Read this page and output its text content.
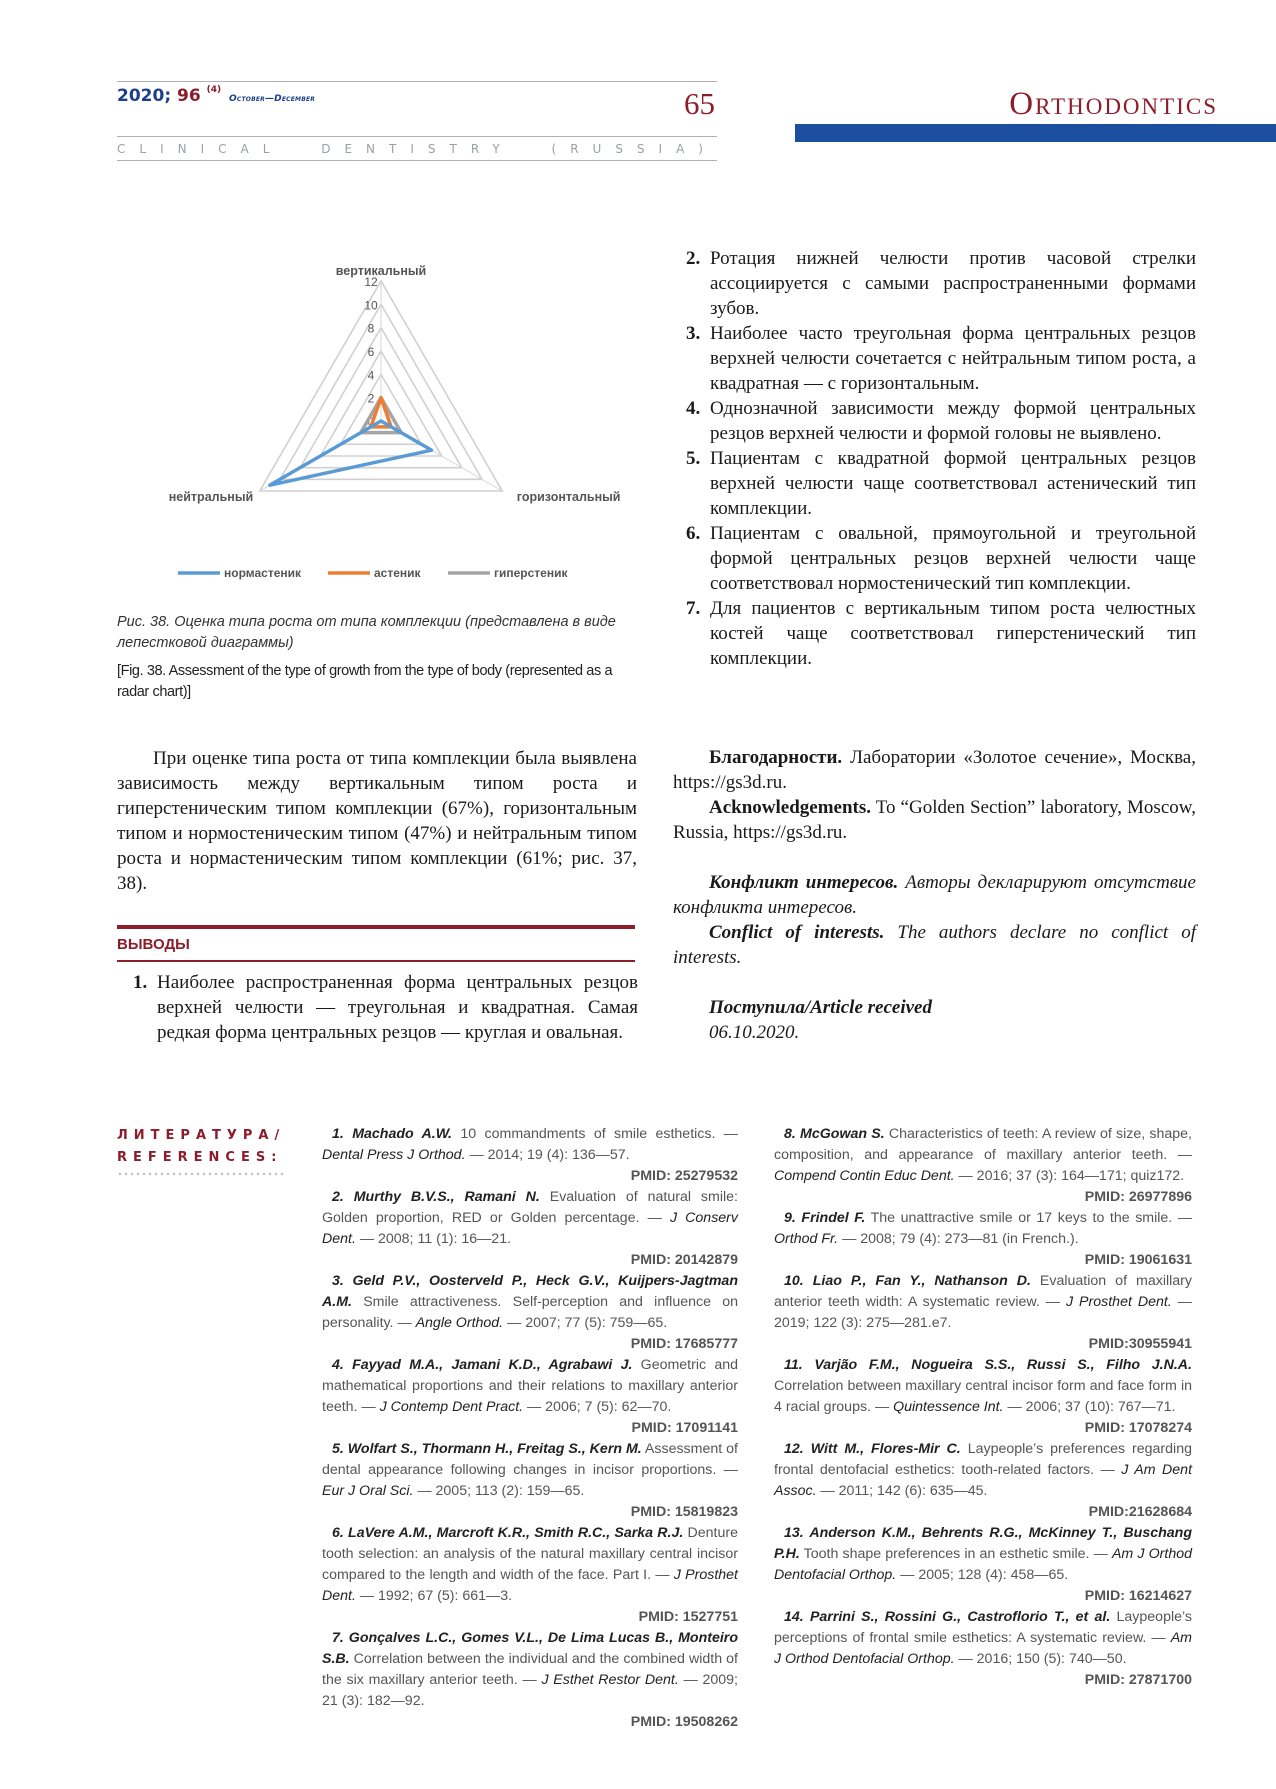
2020; 96 $^{(4)}$ October—December	65
CLINICAL	DENTISTRY	(RUSSIA)
Orthodontics
12
10
8
6
4
2
0
вертикальный
горизонтальный
нейтральный
нормастеник	астеник	гиперстеник
Рис. 38. Оценка типа роста от типа комплекции (представлена в виде лепестковой диаграммы)
[Fig. 38. Assessment of the type of growth from the type of body (represented as a radar chart)]

При оценке типа роста от типа комплекции была выявлена зависимость между вертикальным типом роста и гиперстеническим типом комплекции (67%), горизонтальным типом и нормостеническим типом (47%) и нейтральным типом роста и нормастеническим типом комплекции (61%; рис. 37, 38).

ВЫВОДЫ
1. Наиболее распространенная форма центральных резцов верхней челюсти — треугольная и квадратная. Самая редкая форма центральных резцов — круглая и овальная.
2. Ротация нижней челюсти против часовой стрелки ассоциируется с самыми распространенными формами зубов.
3. Наиболее часто треугольная форма центральных резцов верхней челюсти сочетается с нейтральным типом роста, а квадратная — с горизонтальным.
4. Однозначной зависимости между формой центральных резцов верхней челюсти и формой головы не выявлено.
5. Пациентам с квадратной формой центральных резцов верхней челюсти чаще соответствовал астенический тип комплекции.
6. Пациентам с овальной, прямоугольной и треугольной формой центральных резцов верхней челюсти чаще соответствовал нормостенический тип комплекции.
7. Для пациентов с вертикальным типом роста челюстных костей чаще соответствовал гиперстенический тип комплекции.

Благодарности. Лаборатории «Золотое сечение», Москва, https://gs3d.ru.

Acknowledgements. To “Golden Section” laboratory, Moscow, Russia, https://gs3d.ru.

Конфликт интересов. Авторы декларируют отсутствие конфликта интересов.

Conflict of interests. The authors declare no conflict of interests.

Поступила/Article received

06.10.2020.

ЛИТЕРАТУРА/
REFERENCES:
1. Machado A.W. 10 commandments of smile esthetics. — Dental Press J Orthod. — 2014; 19 (4): 136—57.
PMID: 25279532
2. Murthy B.V.S., Ramani N. Evaluation of natural smile: Golden proportion, RED or Golden percentage. — J Conserv Dent. — 2008; 11 (1): 16—21.
PMID: 20142879
3. Geld P.V., Oosterveld P., Heck G.V., Kuijpers-Jagtman A.M. Smile attractiveness. Self-perception and influence on personality. — Angle Orthod. — 2007; 77 (5): 759—65.
PMID: 17685777
4. Fayyad M.A., Jamani K.D., Agrabawi J. Geometric and mathematical proportions and their relations to maxillary anterior teeth. — J Contemp Dent Pract. — 2006; 7 (5): 62—70.
PMID: 17091141
5. Wolfart S., Thormann H., Freitag S., Kern M. Assessment of dental appearance following changes in incisor proportions. — Eur J Oral Sci. — 2005; 113 (2): 159—65.
PMID: 15819823
6. LaVere A.M., Marcroft K.R., Smith R.C., Sarka R.J. Denture tooth selection: an analysis of the natural maxillary central incisor compared to the length and width of the face. Part I. — J Prosthet Dent. — 1992; 67 (5): 661—3.
PMID: 1527751
7. Gonçalves L.C., Gomes V.L., De Lima Lucas B., Monteiro S.B. Correlation between the individual and the combined width of the six maxillary anterior teeth. — J Esthet Restor Dent. — 2009; 21 (3): 182—92.
PMID: 19508262
8. McGowan S. Characteristics of teeth: A review of size, shape, composition, and appearance of maxillary anterior teeth. — Compend Contin Educ Dent. — 2016; 37 (3): 164—171; quiz172.
PMID: 26977896
9. Frindel F. The unattractive smile or 17 keys to the smile. — Orthod Fr. — 2008; 79 (4): 273—81 (in French.).
PMID: 19061631
10. Liao P., Fan Y., Nathanson D. Evaluation of maxillary anterior teeth width: A systematic review. — J Prosthet Dent. — 2019; 122 (3): 275—281.e7.
PMID:30955941
11. Varjão F.M., Nogueira S.S., Russi S., Filho J.N.A. Correlation between maxillary central incisor form and face form in 4 racial groups. — Quintessence Int. — 2006; 37 (10): 767—71.
PMID: 17078274
12. Witt M., Flores-Mir C. Laypeople’s preferences regarding frontal dentofacial esthetics: tooth-related factors. — J Am Dent Assoc. — 2011; 142 (6): 635—45.
PMID:21628684
13. Anderson K.M., Behrents R.G., McKinney T., Buschang P.H. Tooth shape preferences in an esthetic smile. — Am J Orthod Dentofacial Orthop. — 2005; 128 (4): 458—65.
PMID: 16214627
14. Parrini S., Rossini G., Castroflorio T., et al. Laypeople’s perceptions of frontal smile esthetics: A systematic review. — Am J Orthod Dentofacial Orthop. — 2016; 150 (5): 740—50.
PMID: 27871700
